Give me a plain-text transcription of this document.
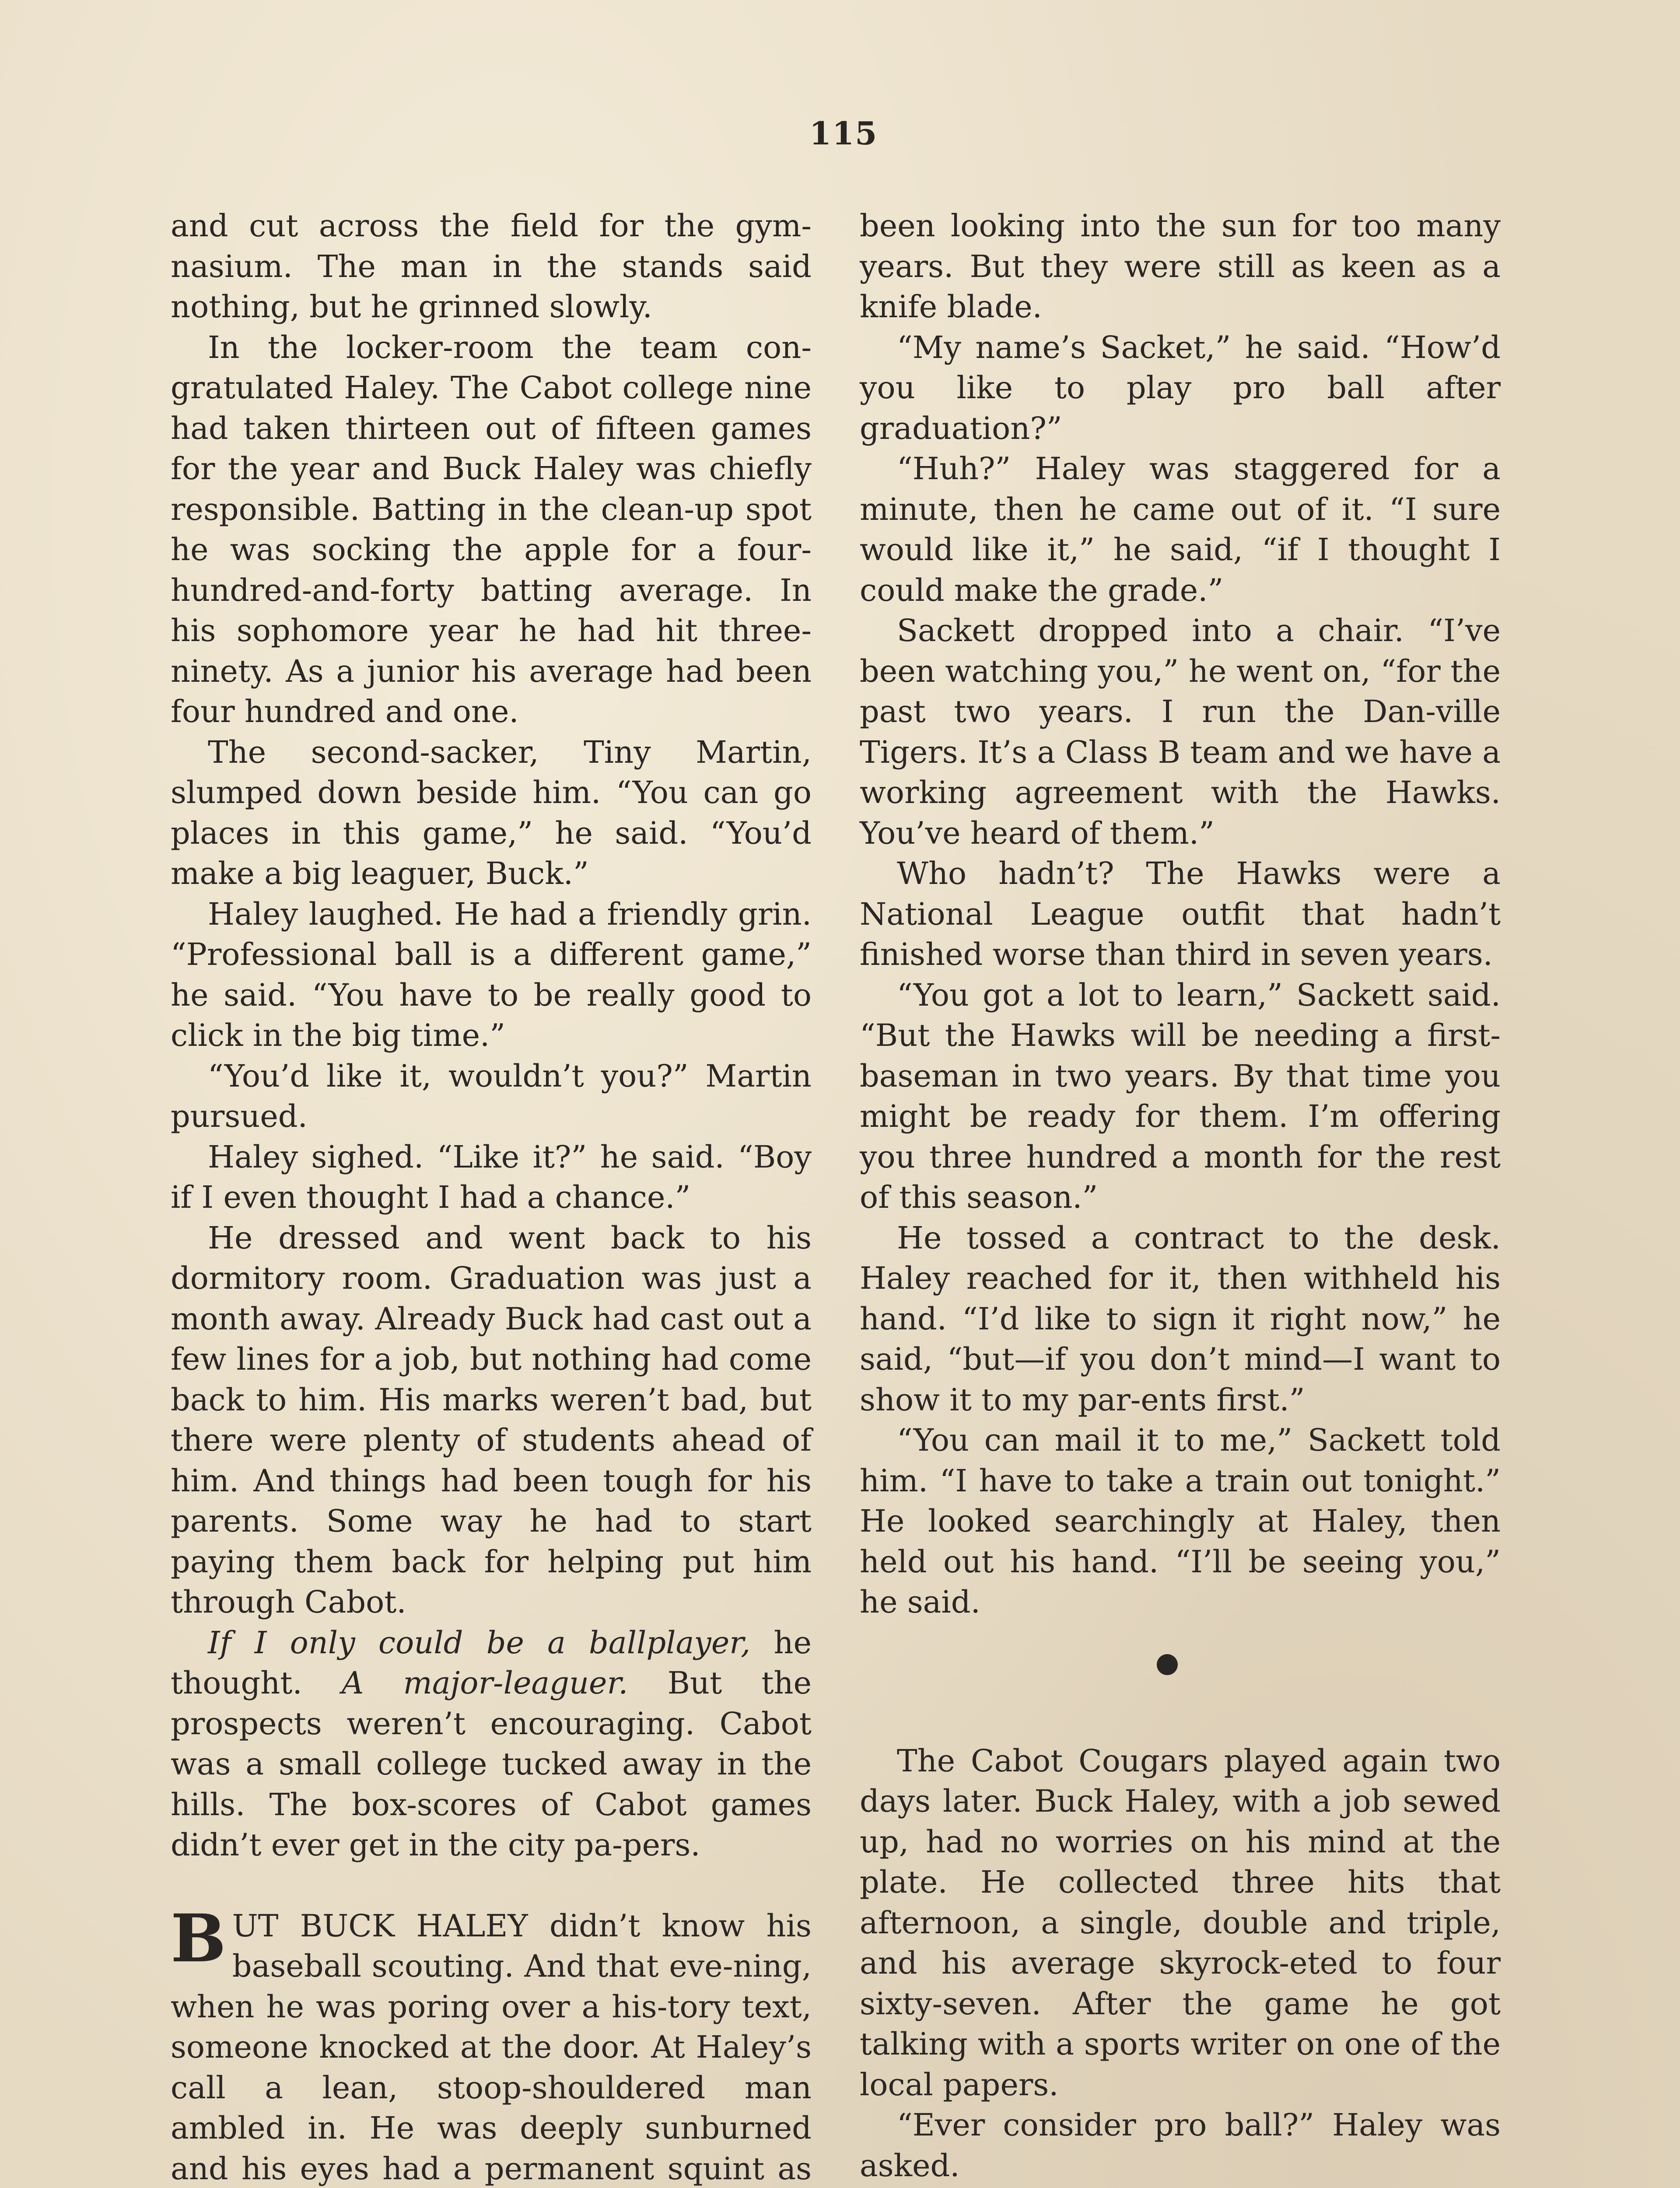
115

and cut across the field for the gym-nasium. The man in the stands said nothing, but he grinned slowly.

In the locker-room the team con-gratulated Haley. The Cabot college nine had taken thirteen out of fifteen games for the year and Buck Haley was chiefly responsible. Batting in the clean-up spot he was socking the apple for a four-hundred-and-forty batting average. In his sophomore year he had hit three-ninety. As a junior his average had been four hundred and one.

The second-sacker, Tiny Martin, slumped down beside him. “You can go places in this game,” he said. “You’d make a big leaguer, Buck.”

Haley laughed. He had a friendly grin. “Professional ball is a different game,” he said. “You have to be really good to click in the big time.”

“You’d like it, wouldn’t you?” Martin pursued.

Haley sighed. “Like it?” he said. “Boy if I even thought I had a chance.”

He dressed and went back to his dormitory room. Graduation was just a month away. Already Buck had cast out a few lines for a job, but nothing had come back to him. His marks weren’t bad, but there were plenty of students ahead of him. And things had been tough for his parents. Some way he had to start paying them back for helping put him through Cabot.

If I only could be a ballplayer, he thought. A major-leaguer. But the prospects weren’t encouraging. Cabot was a small college tucked away in the hills. The box-scores of Cabot games didn’t ever get in the city pa-pers.

BUT BUCK HALEY didn’t know his baseball scouting. And that eve-ning, when he was poring over a his-tory text, someone knocked at the door. At Haley’s call a lean, stoop-shouldered man ambled in. He was deeply sunburned and his eyes had a permanent squint as

been looking into the sun for too many years. But they were still as keen as a knife blade.

“My name’s Sacket,” he said. “How’d you like to play pro ball after graduation?”

“Huh?” Haley was staggered for a minute, then he came out of it. “I sure would like it,” he said, “if I thought I could make the grade.”

Sackett dropped into a chair. “I’ve been watching you,” he went on, “for the past two years. I run the Dan-ville Tigers. It’s a Class B team and we have a working agreement with the Hawks. You’ve heard of them.”

Who hadn’t? The Hawks were a National League outfit that hadn’t finished worse than third in seven years.

“You got a lot to learn,” Sackett said. “But the Hawks will be needing a first-baseman in two years. By that time you might be ready for them. I’m offering you three hundred a month for the rest of this season.”

He tossed a contract to the desk. Haley reached for it, then withheld his hand. “I’d like to sign it right now,” he said, “but—if you don’t mind—I want to show it to my par-ents first.”

“You can mail it to me,” Sackett told him. “I have to take a train out tonight.” He looked searchingly at Haley, then held out his hand. “I’ll be seeing you,” he said.

The Cabot Cougars played again two days later. Buck Haley, with a job sewed up, had no worries on his mind at the plate. He collected three hits that afternoon, a single, double and triple, and his average skyrock-eted to four sixty-seven. After the game he got talking with a sports writer on one of the local papers.

“Ever consider pro ball?” Haley was asked.
